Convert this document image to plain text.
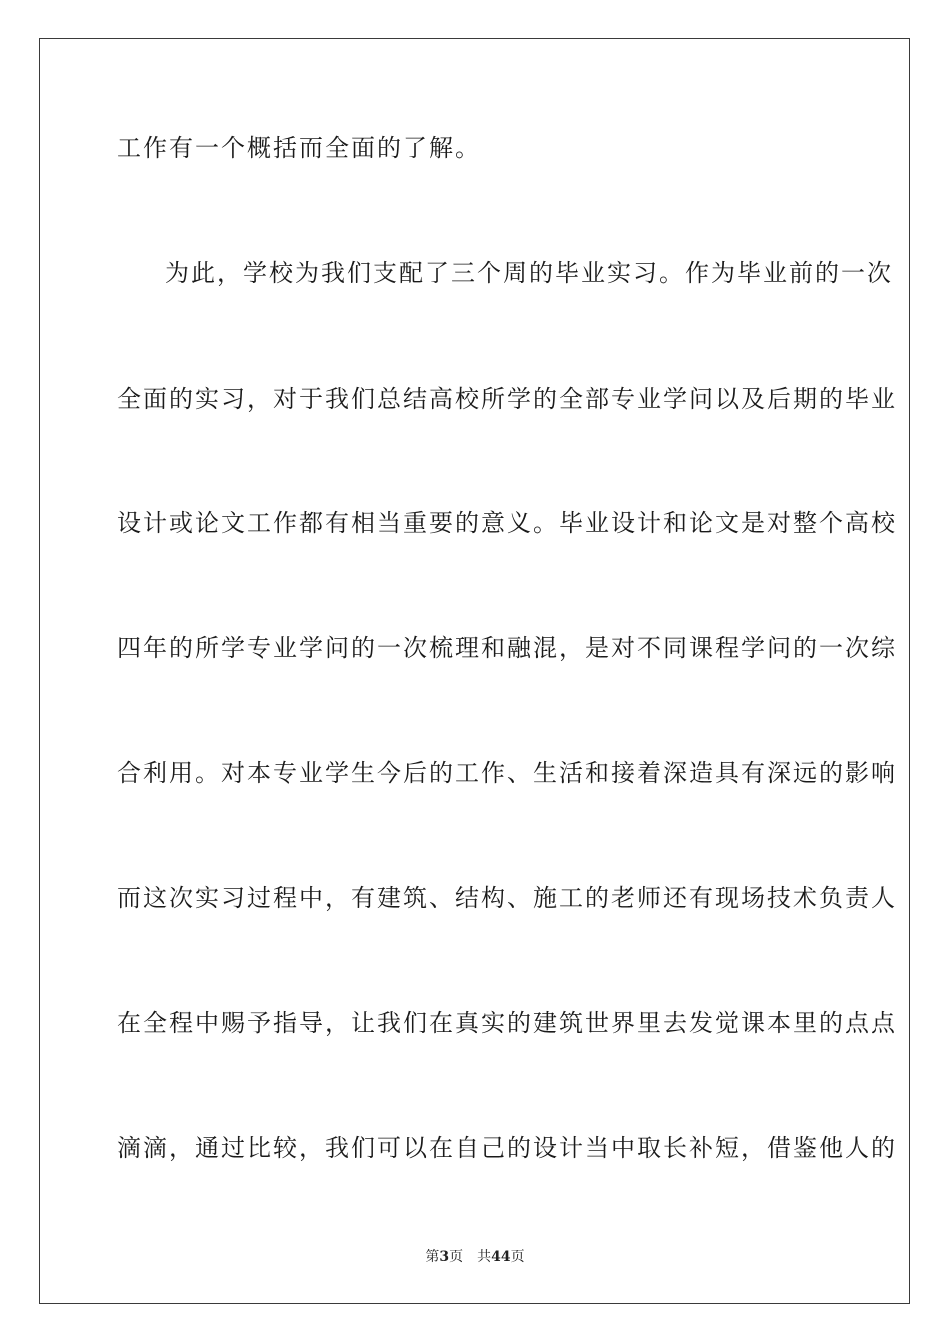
工作有一个概括而全面的了解。
为此，学校为我们支配了三个周的毕业实习。作为毕业前的一次
全面的实习，对于我们总结高校所学的全部专业学问以及后期的毕业
设计或论文工作都有相当重要的意义。毕业设计和论文是对整个高校
四年的所学专业学问的一次梳理和融混，是对不同课程学问的一次综
合利用。对本专业学生今后的工作、生活和接着深造具有深远的影响
而这次实习过程中，有建筑、结构、施工的老师还有现场技术负责人
在全程中赐予指导，让我们在真实的建筑世界里去发觉课本里的点点
滴滴，通过比较，我们可以在自己的设计当中取长补短，借鉴他人的
第3页 共44页
